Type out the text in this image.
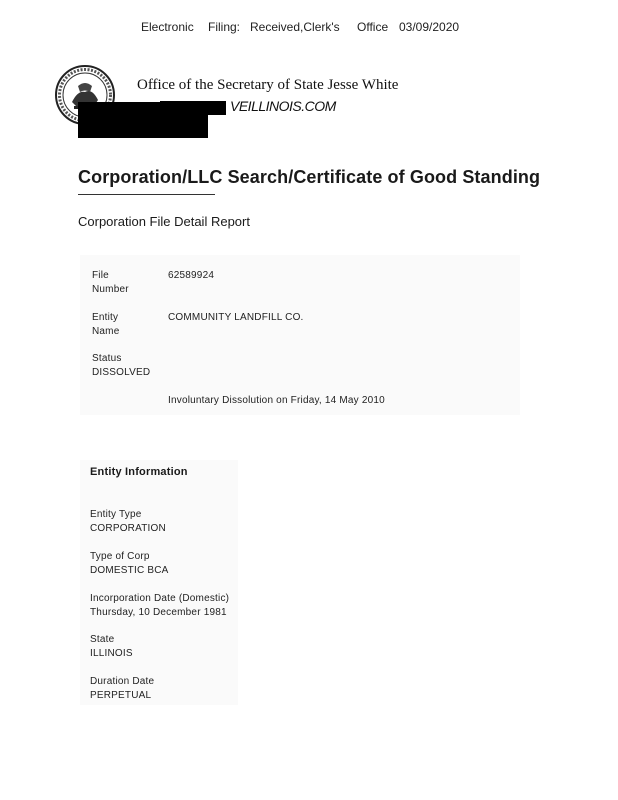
Electronic

Filing:

Received,Clerk's

Office

03/09/2020

Office of the Secretary of State Jesse White
VEILLINOIS.COM
Corporation/LLC Search/Certificate of Good Standing
Corporation File Detail Report
File
Number
62589924
Entity
Name
COMMUNITY LANDFILL CO.
Status
DISSOLVED
Involuntary Dissolution on Friday, 14 May 2010
Entity Information
Entity Type
CORPORATION
Type of Corp
DOMESTIC BCA
Incorporation Date (Domestic)
Thursday, 10 December 1981
State
ILLINOIS
Duration Date
PERPETUAL
